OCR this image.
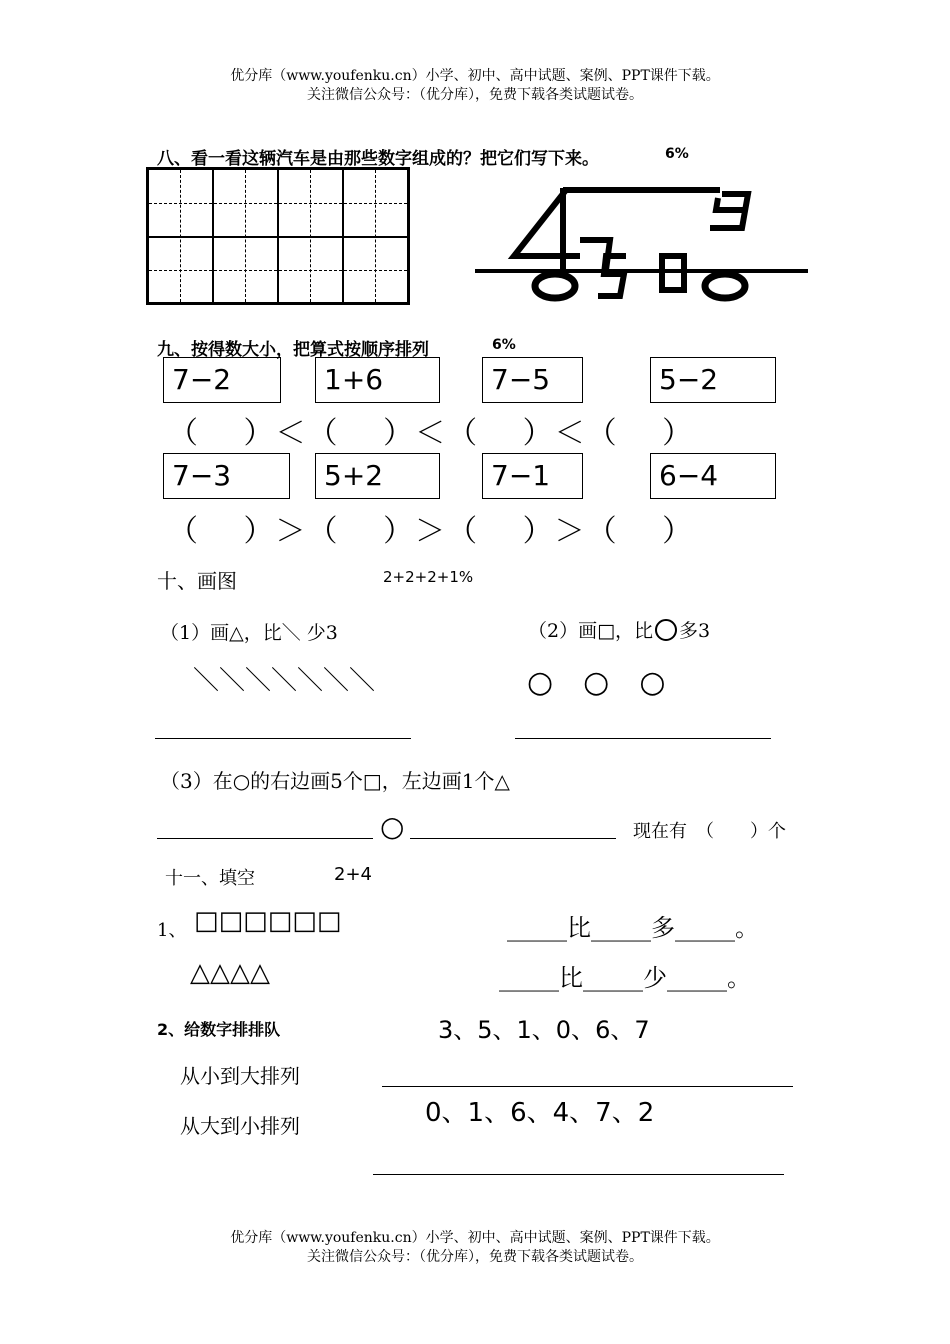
优分库（www.youfenku.cn）小学、初中、高中试题、案例、PPT课件下载。
关注微信公众号：（优分库），免费下载各类试题试卷。
八、看一看这辆汽车是由那些数字组成的？把它们写下来。	6%
九、按得数大小，把算式按顺序排列	6%
7−2	1+6	7−5	5−2
（　 ）＜（　 ）＜（　 ）＜（　 ）
7−3	5+2	7−1	6−4
（　 ）＞（　 ）＞（　 ）＞（　 ）
十、画图	2+2+2+1%
（1）画△，比＼ 少3	（2）画□，比 多3
＼＼＼＼＼＼＼	○　○　○
（3）在○的右边画5个□，左边画1个△
○	现在有　（　　）个
十一、填空	2+4
1、 □□□□□□	_____比_____多_____。
△△△△	_____比_____少_____。
2、给数字排排队	3、5、1、0、6、7
从小到大排列
0、1、6、4、7、2
从大到小排列
优分库（www.youfenku.cn）小学、初中、高中试题、案例、PPT课件下载。
关注微信公众号：（优分库），免费下载各类试题试卷。
